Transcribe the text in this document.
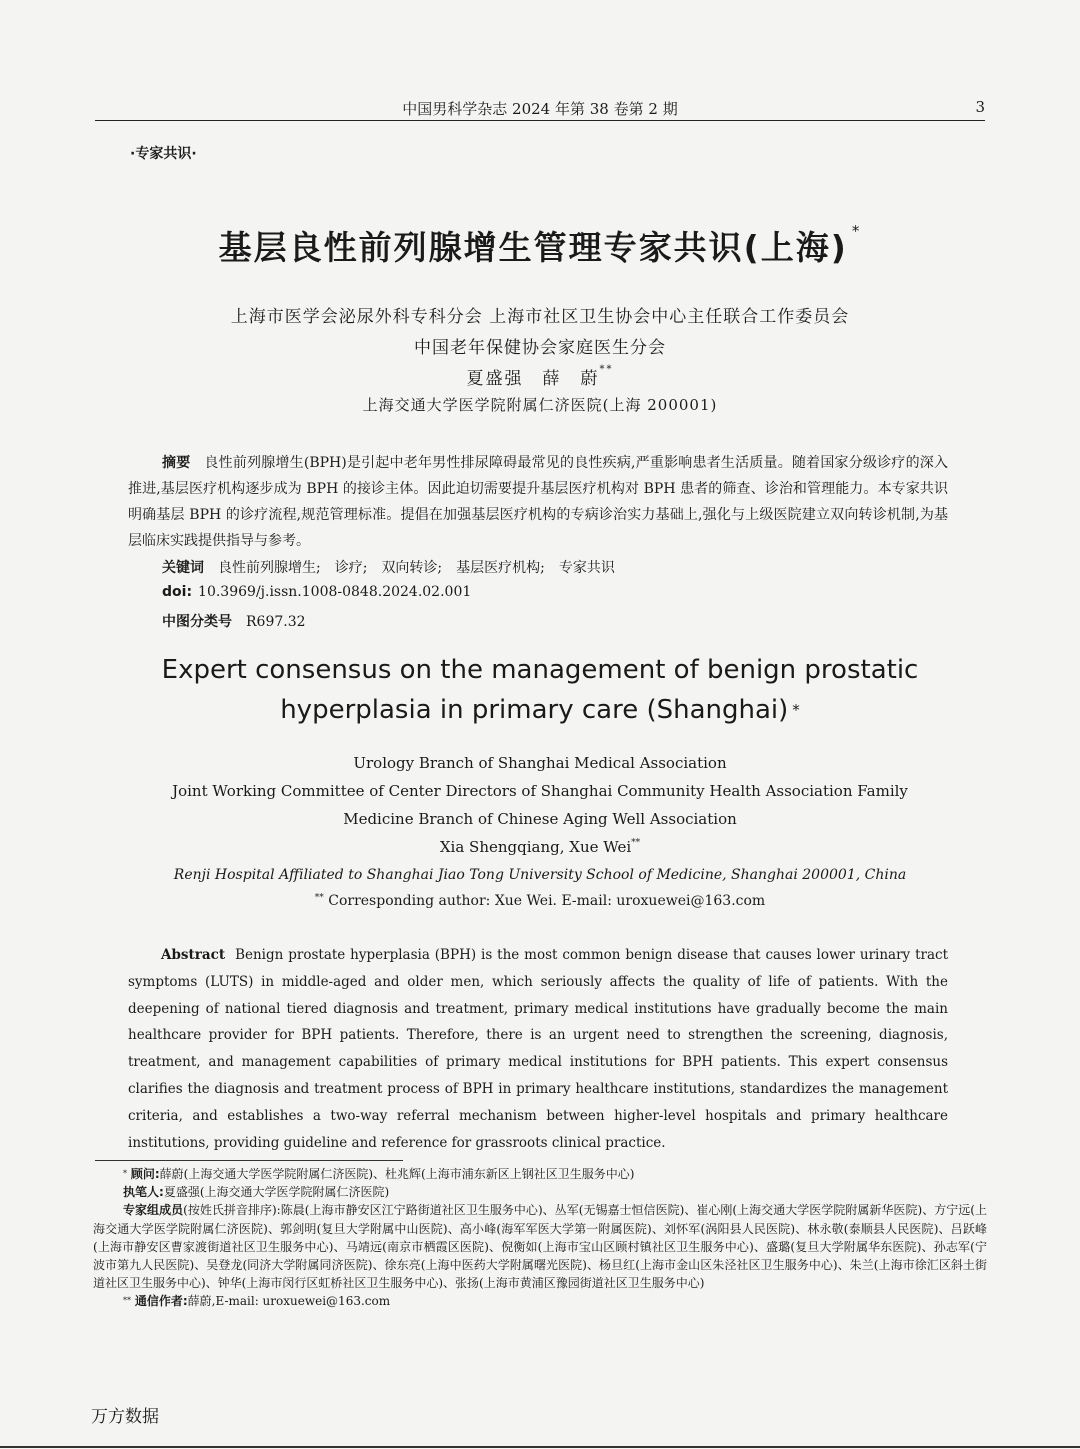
中国男科学杂志 2024 年第 38 卷第 2 期	3
·专家共识·
基层良性前列腺增生管理专家共识(上海) *
上海市医学会泌尿外科专科分会 上海市社区卫生协会中心主任联合工作委员会
中国老年保健协会家庭医生分会
夏盛强　薛　蔚**
上海交通大学医学院附属仁济医院(上海 200001)
摘要 良性前列腺增生(BPH)是引起中老年男性排尿障碍最常见的良性疾病,严重影响患者生活质量。随着国家分级诊疗的深入推进,基层医疗机构逐步成为 BPH 的接诊主体。因此迫切需要提升基层医疗机构对 BPH 患者的筛查、诊治和管理能力。本专家共识明确基层 BPH 的诊疗流程,规范管理标准。提倡在加强基层医疗机构的专病诊治实力基础上,强化与上级医院建立双向转诊机制,为基层临床实践提供指导与参考。
关键词 良性前列腺增生; 诊疗; 双向转诊; 基层医疗机构; 专家共识
doi: 10.3969/j.issn.1008-0848.2024.02.001
中图分类号 R697.32
Expert consensus on the management of benign prostatic
hyperplasia in primary care (Shanghai) *
Urology Branch of Shanghai Medical Association
Joint Working Committee of Center Directors of Shanghai Community Health Association Family
Medicine Branch of Chinese Aging Well Association
Xia Shengqiang, Xue Wei**
Renji Hospital Affiliated to Shanghai Jiao Tong University School of Medicine, Shanghai 200001, China
** Corresponding author: Xue Wei. E-mail: uroxuewei@163.com
Abstract Benign prostate hyperplasia (BPH) is the most common benign disease that causes lower urinary tract symptoms (LUTS) in middle-aged and older men, which seriously affects the quality of life of patients. With the deepening of national tiered diagnosis and treatment, primary medical institutions have gradually become the main healthcare provider for BPH patients. Therefore, there is an urgent need to strengthen the screening, diagnosis, treatment, and management capabilities of primary medical institutions for BPH patients. This expert consensus clarifies the diagnosis and treatment process of BPH in primary healthcare institutions, standardizes the management criteria, and establishes a two-way referral mechanism between higher-level hospitals and primary healthcare institutions, providing guideline and reference for grassroots clinical practice.

* 顾问:薛蔚(上海交通大学医学院附属仁济医院)、杜兆辉(上海市浦东新区上钢社区卫生服务中心)

执笔人:夏盛强(上海交通大学医学院附属仁济医院)

专家组成员(按姓氏拼音排序):陈晨(上海市静安区江宁路街道社区卫生服务中心)、丛军(无锡嘉士恒信医院)、崔心刚(上海交通大学医学院附属新华医院)、方宁远(上海交通大学医学院附属仁济医院)、郭剑明(复旦大学附属中山医院)、高小峰(海军军医大学第一附属医院)、刘怀军(涡阳县人民医院)、林永敬(泰顺县人民医院)、吕跃峰(上海市静安区曹家渡街道社区卫生服务中心)、马靖远(南京市栖霞区医院)、倪衡如(上海市宝山区顾村镇社区卫生服务中心)、盛璐(复旦大学附属华东医院)、孙志军(宁波市第九人民医院)、吴登龙(同济大学附属同济医院)、徐东亮(上海中医药大学附属曙光医院)、杨旦红(上海市金山区朱泾社区卫生服务中心)、朱兰(上海市徐汇区斜土街道社区卫生服务中心)、钟华(上海市闵行区虹桥社区卫生服务中心)、张扬(上海市黄浦区豫园街道社区卫生服务中心)

** 通信作者:薛蔚,E-mail: uroxuewei@163.com

万方数据
